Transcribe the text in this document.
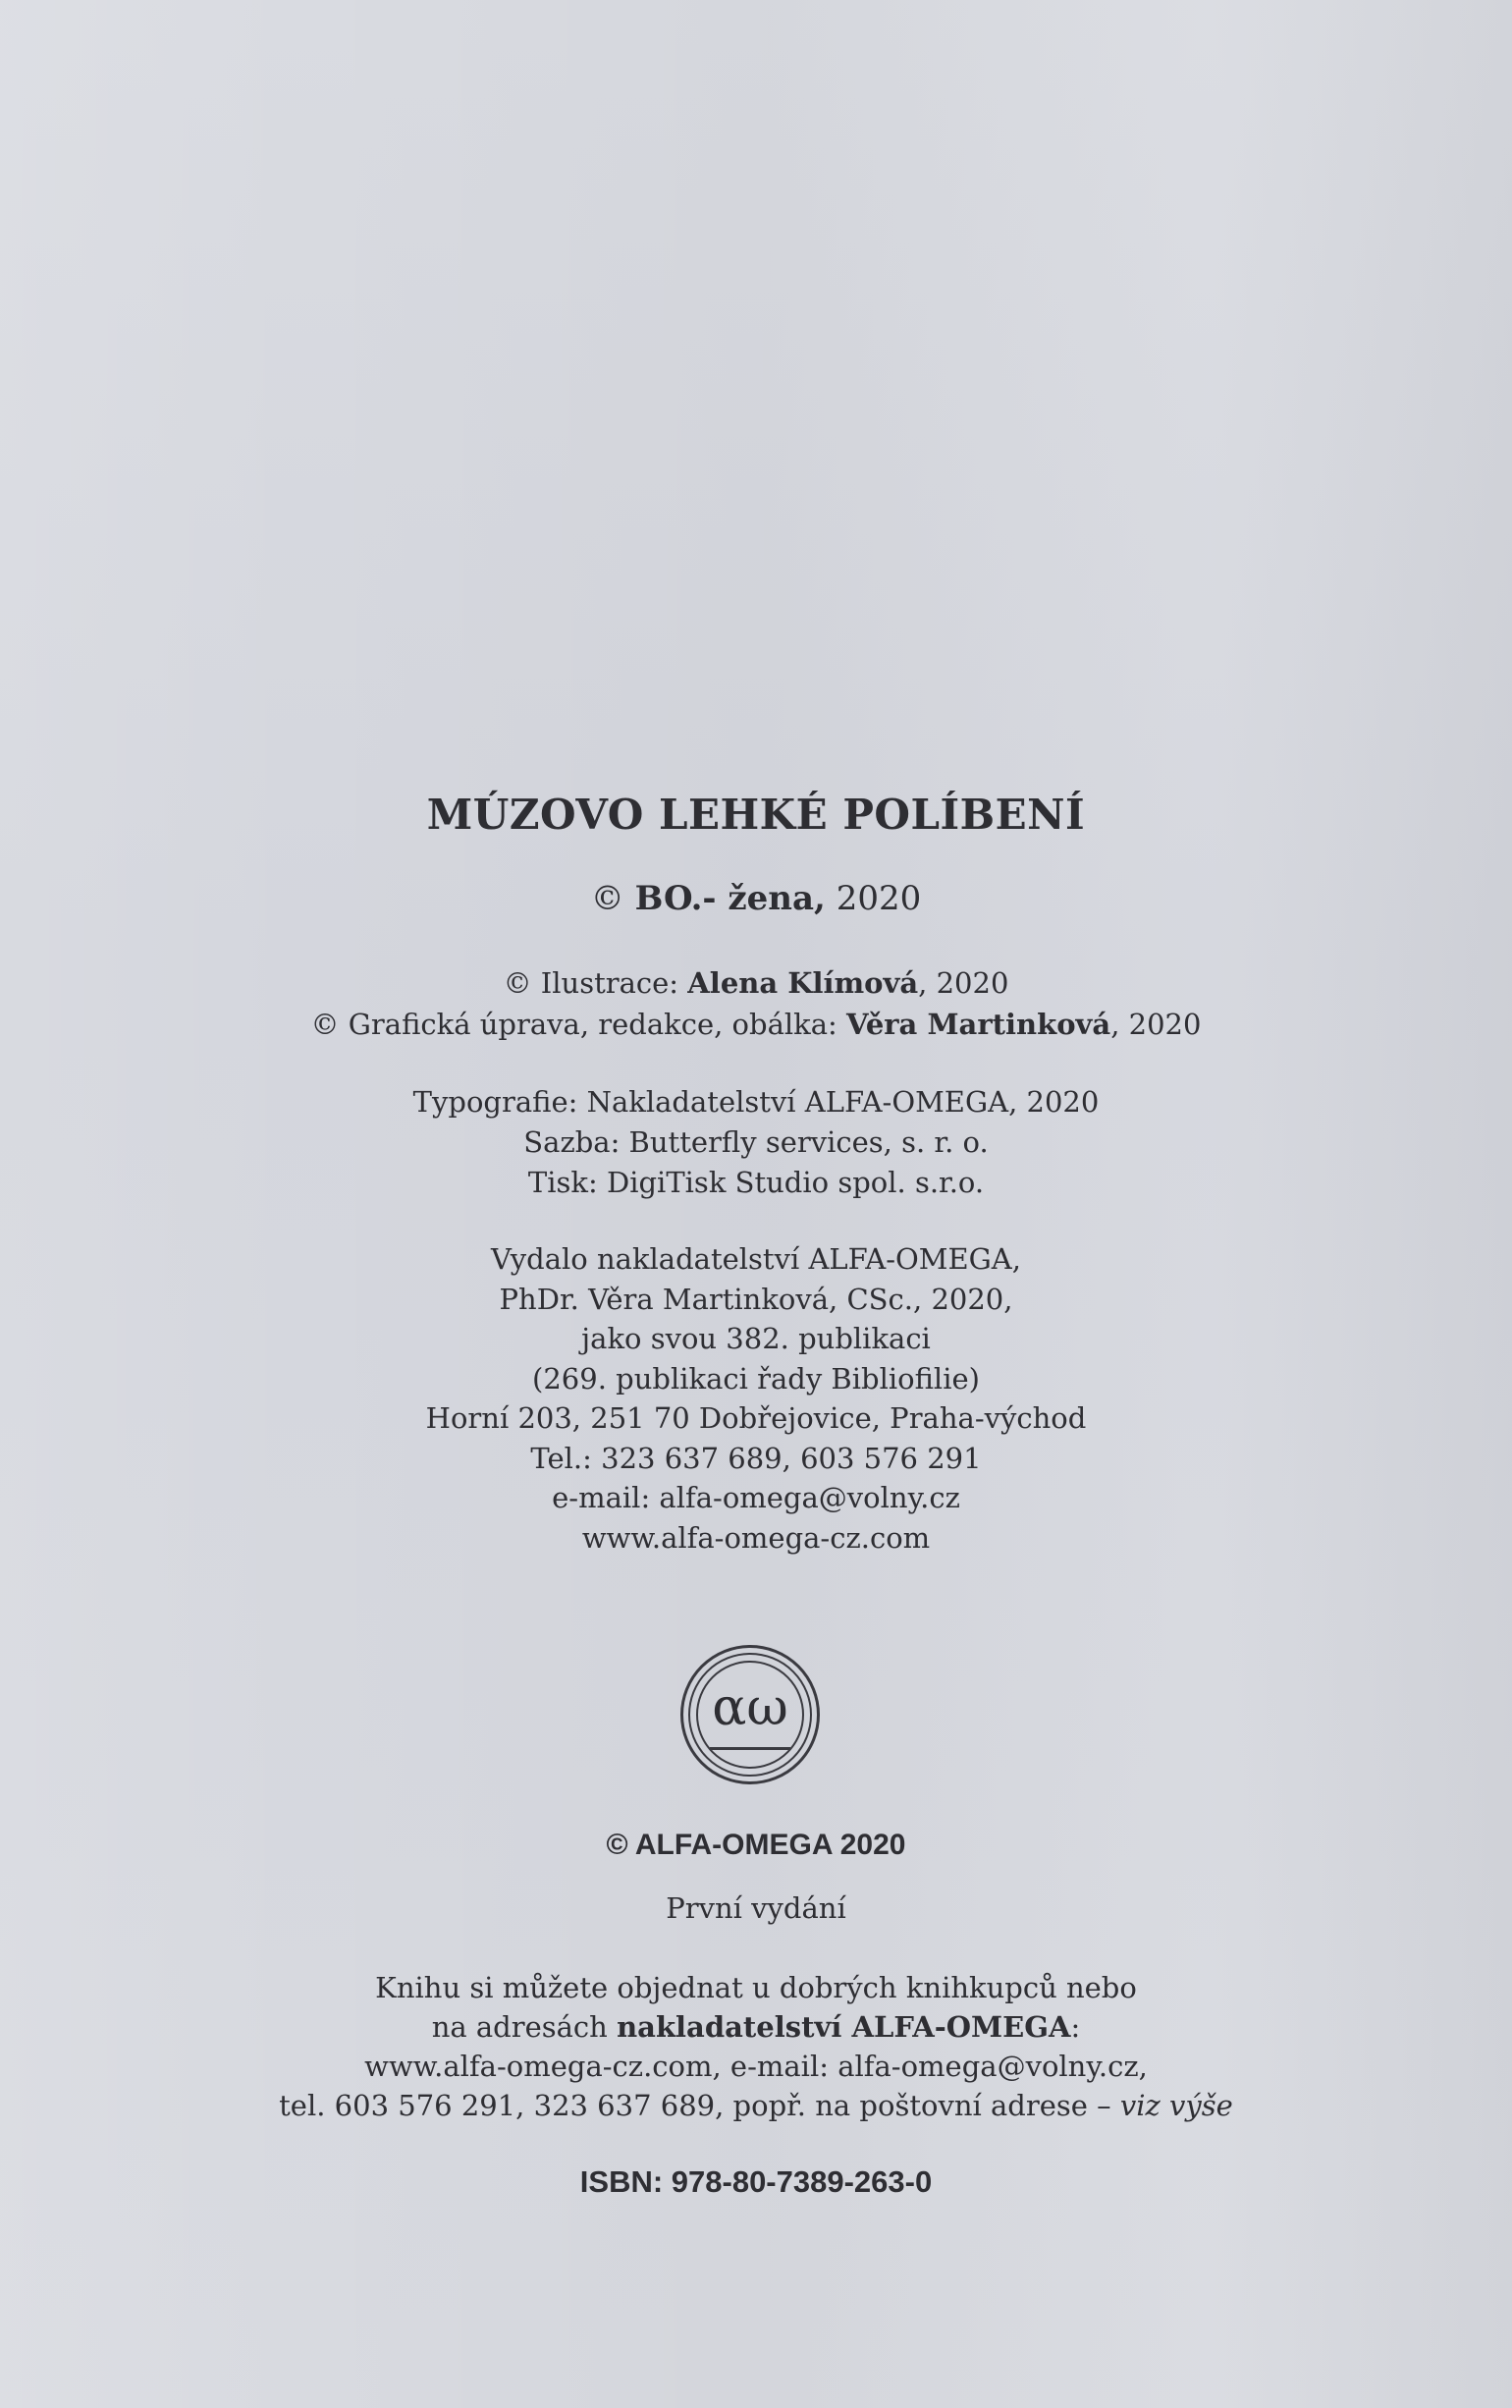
MÚZOVO LEHKÉ POLÍBENÍ
© BO.- žena, 2020
© Ilustrace: Alena Klímová, 2020
© Grafická úprava, redakce, obálka: Věra Martinková, 2020
Typografie: Nakladatelství ALFA-OMEGA, 2020
Sazba: Butterfly services, s. r. o.
Tisk: DigiTisk Studio spol. s.r.o.
Vydalo nakladatelství ALFA-OMEGA,
PhDr. Věra Martinková, CSc., 2020,
jako svou 382. publikaci
(269. publikaci řady Bibliofilie)
Horní 203, 251 70 Dobřejovice, Praha-východ
Tel.: 323 637 689, 603 576 291
e-mail: alfa-omega@volny.cz
www.alfa-omega-cz.com
αω
© ALFA-OMEGA 2020
První vydání
Knihu si můžete objednat u dobrých knihkupců nebo
na adresách nakladatelství ALFA-OMEGA:
www.alfa-omega-cz.com, e-mail: alfa-omega@volny.cz,
tel. 603 576 291, 323 637 689, popř. na poštovní adrese – viz výše
ISBN: 978-80-7389-263-0
